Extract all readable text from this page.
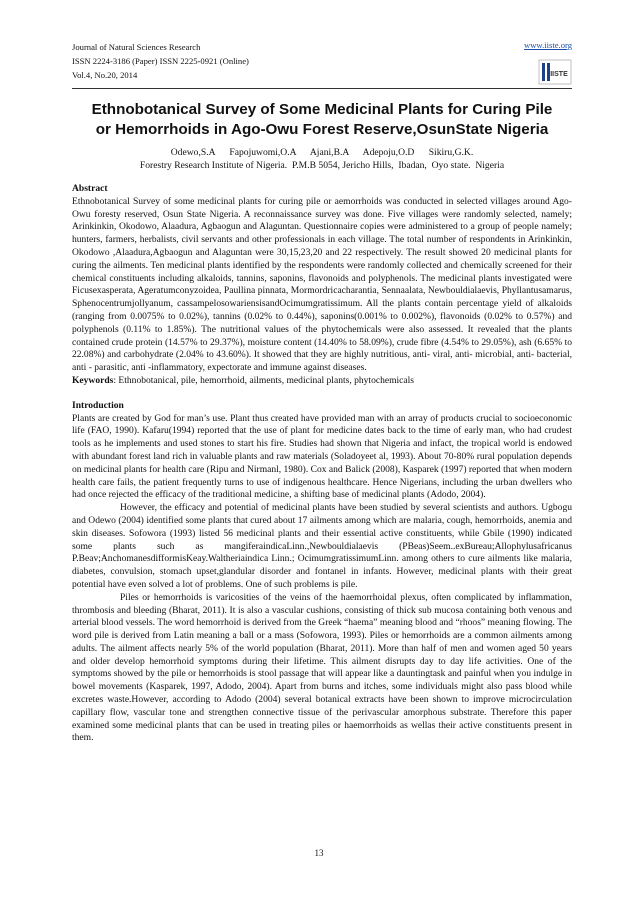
Journal of Natural Sciences Research
ISSN 2224-3186 (Paper) ISSN 2225-0921 (Online)
Vol.4, No.20, 2014
www.iiste.org
IISTE
Ethnobotanical Survey of Some Medicinal Plants for Curing Pile
or Hemorrhoids in Ago-Owu Forest Reserve,OsunState Nigeria
Odewo,S.A      Fapojuwomi,O.A      Ajani,B.A      Adepoju,O.D      Sikiru,G.K.
Forestry Research Institute of Nigeria.  P.M.B 5054, Jericho Hills,  Ibadan,  Oyo state.  Nigeria

Abstract

Ethnobotanical Survey of some medicinal plants for curing pile or aemorrhoids was conducted in selected villages around Ago-Owu foresty reserved, Osun State Nigeria. A reconnaissance survey was done. Five villages were randomly selected, namely; Arinkinkin, Okodowo, Alaadura, Agbaogun and Alaguntan. Questionnaire copies were administered to a group of people namely; hunters, farmers, herbalists, civil servants and other professionals in each village. The total number of respondents in Arinkinkin, Okodowo ,Alaadura,Agbaogun and Alaguntan were 30,15,23,20 and 22 respectively. The result showed 20 medicinal plants for curing the ailments. Ten medicinal plants identified by the respondents were randomly collected and chemically screened for their chemical constituents including alkaloids, tannins, saponins, flavonoids and polyphenols. The medicinal plants investigated were Ficusexasperata, Ageratumconyzoidea, Paullina pinnata, Mormordricacharantia, Sennaalata, Newbouldialaevis, Phyllantusamarus, Sphenocentrumjollyanum, cassampelosowariensisandOcimumgratissimum. All the plants contain percentage yield of alkaloids (ranging from 0.0075% to 0.02%), tannins (0.02% to 0.44%), saponins(0.001% to 0.002%), flavonoids (0.02% to 0.57%) and polyphenols (0.11% to 1.85%). The nutritional values of the phytochemicals were also assessed. It revealed that the plants contained crude protein (14.57% to 29.37%), moisture content (14.40% to 58.09%), crude fibre (4.54% to 29.05%), ash (6.65% to 22.08%) and carbohydrate (2.04% to 43.60%). It showed that they are highly nutritious, anti- viral, anti- microbial, anti- bacterial, anti - parasitic, anti -inflammatory, expectorate and immune against diseases.

Keywords: Ethnobotanical, pile, hemorrhoid, ailments, medicinal plants, phytochemicals

Introduction

Plants are created by God for man’s use. Plant thus created have provided man with an array of products crucial to socioeconomic life (FAO, 1990). Kafaru(1994) reported that the use of plant for medicine dates back to the time of early man, who had crudest tools as he implements and used stones to start his fire. Studies had shown that Nigeria and infact, the tropical world is endowed with abundant forest land rich in valuable plants and raw materials (Soladoyeet al, 1993). About 70-80% rural population depends on medicinal plants for health care (Ripu and Nirmanl, 1980). Cox and Balick (2008), Kasparek (1997) reported that when modern health care fails, the patient frequently turns to use of indigenous healthcare. Hence Nigerians, including the urban dwellers who had once rejected the efficacy of the traditional medicine, a shifting base of medicinal plants (Adodo, 2004).

However, the efficacy and potential of medicinal plants have been studied by several scientists and authors. Ugbogu and Odewo (2004) identified some plants that cured about 17 ailments among which are malaria, cough, hemorrhoids, anemia and skin diseases. Sofowora (1993) listed 56 medicinal plants and their essential active constituents, while Gbile (1990) indicated some plants such as mangiferaindicaLinn.,Newbouldialaevis (PBeas)Seem..exBureau;Allophylusafricanus P.Beav;AnchomanesdifformisKeay.Waltheriaindica Linn.; OcimumgratissimumLinn. among others to cure ailments like malaria, diabetes, convulsion, stomach upset,glandular disorder and fontanel in infants. However, medicinal plants with their great potential have even solved a lot of problems. One of such problems is pile.

Piles or hemorrhoids is varicosities of the veins of the haemorrhoidal plexus, often complicated by inflammation, thrombosis and bleeding (Bharat, 2011). It is also a vascular cushions, consisting of thick sub mucosa containing both venous and arterial blood vessels. The word hemorrhoid is derived from the Greek “haema” meaning blood and “rhoos” meaning flowing. The word pile is derived from Latin meaning a ball or a mass (Sofowora, 1993). Piles or hemorrhoids are a common ailments among adults. The ailment affects nearly 5% of the world population (Bharat, 2011). More than half of men and women aged 50 years and older develop hemorrhoid symptoms during their lifetime. This ailment disrupts day to day life activities. One of the symptoms showed by the pile or hemorrhoids is stool passage that will appear like a dauntingtask and painful when you indulge in bowel movements (Kasparek, 1997, Adodo, 2004). Apart from burns and itches, some individuals might also pass blood while excretes waste.However, according to Adodo (2004) several botanical extracts have been shown to improve microcirculation capillary flow, vascular tone and strengthen connective tissue of the perivascular amorphous substrate. Therefore this paper examined some medicinal plants that can be used in treating piles or haemorrhoids as wellas their active constituents present in them.

13
